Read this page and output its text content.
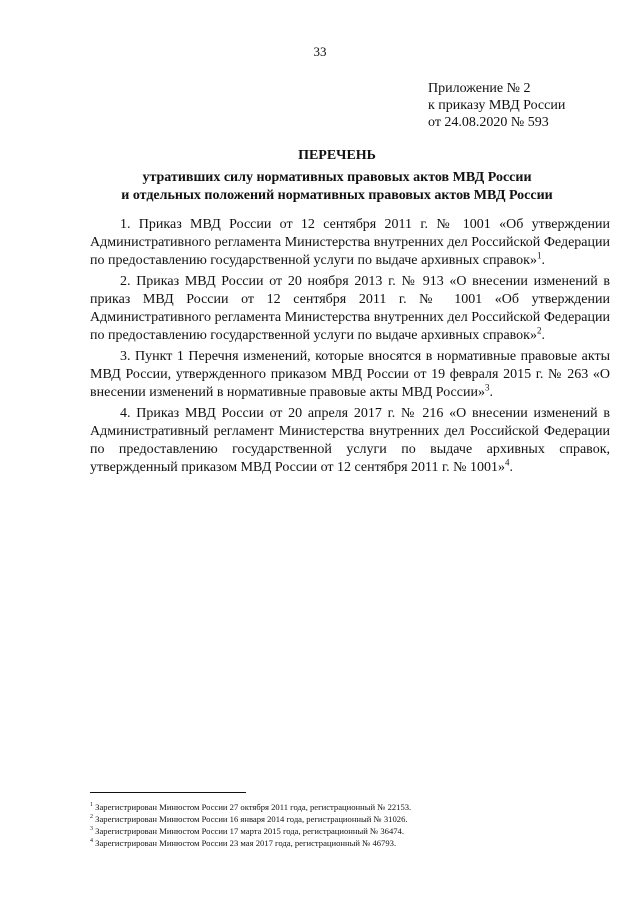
33
Приложение № 2
к приказу МВД России
от 24.08.2020 № 593
ПЕРЕЧЕНЬ
утративших силу нормативных правовых актов МВД России
и отдельных положений нормативных правовых актов МВД России

1. Приказ МВД России от 12 сентября 2011 г. № 1001 «Об утверждении Административного регламента Министерства внутренних дел Российской Федерации по предоставлению государственной услуги по выдаче архивных справок»$^1$.

2. Приказ МВД России от 20 ноября 2013 г. № 913 «О внесении изменений в приказ МВД России от 12 сентября 2011 г. № 1001 «Об утверждении Административного регламента Министерства внутренних дел Российской Федерации по предоставлению государственной услуги по выдаче архивных справок»$^2$.

3. Пункт 1 Перечня изменений, которые вносятся в нормативные правовые акты МВД России, утвержденного приказом МВД России от 19 февраля 2015 г. № 263 «О внесении изменений в нормативные правовые акты МВД России»$^3$.

4. Приказ МВД России от 20 апреля 2017 г. № 216 «О внесении изменений в Административный регламент Министерства внутренних дел Российской Федерации по предоставлению государственной услуги по выдаче архивных справок, утвержденный приказом МВД России от 12 сентября 2011 г. № 1001»$^4$.

$^1$ Зарегистрирован Минюстом России 27 октября 2011 года, регистрационный № 22153.
$^2$ Зарегистрирован Минюстом России 16 января 2014 года, регистрационный № 31026.
$^3$ Зарегистрирован Минюстом России 17 марта 2015 года, регистрационный № 36474.
$^4$ Зарегистрирован Минюстом России 23 мая 2017 года, регистрационный № 46793.
